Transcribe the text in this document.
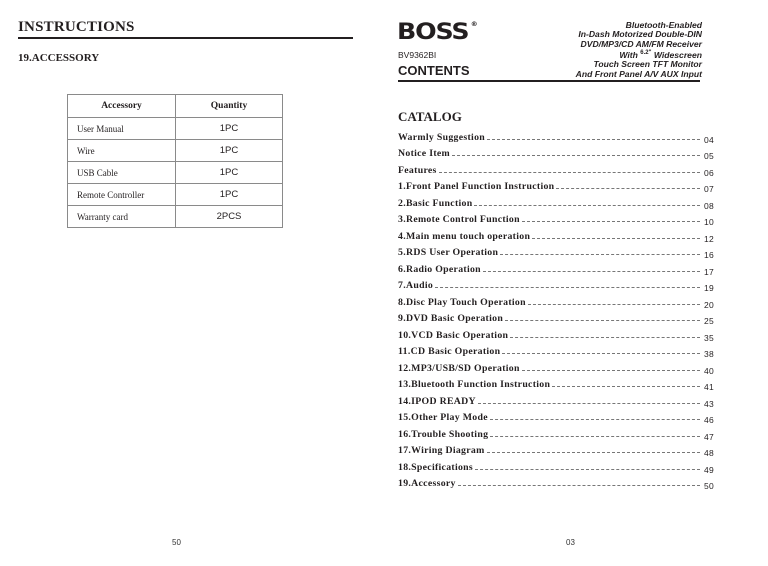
INSTRUCTIONS
19.ACCESSORY
Accessory	Quantity
User Manual	1PC
Wire	1PC
USB Cable	1PC
Remote Controller	1PC
Warranty card	2PCS
50
BOSS ®
BV9362BI
CONTENTS
Bluetooth-Enabled
In-Dash Motorized Double-DIN
DVD/MP3/CD AM/FM Receiver
With $^{6.2"}$ Widescreen
Touch Screen TFT Monitor
And Front Panel A/V AUX Input
CATALOG
Warmly Suggestion	04
Notice Item	05
Features	06
1.Front Panel Function Instruction	07
2.Basic Function	08
3.Remote Control Function	10
4.Main menu touch operation	12
5.RDS User Operation	16
6.Radio Operation	17
7.Audio	19
8.Disc Play Touch Operation	20
9.DVD Basic Operation	25
10.VCD Basic Operation	35
11.CD Basic Operation	38
12.MP3/USB/SD Operation	40
13.Bluetooth Function Instruction	41
14.IPOD READY	43
15.Other Play Mode	46
16.Trouble Shooting	47
17.Wiring Diagram	48
18.Specifications	49
19.Accessory	50
03
